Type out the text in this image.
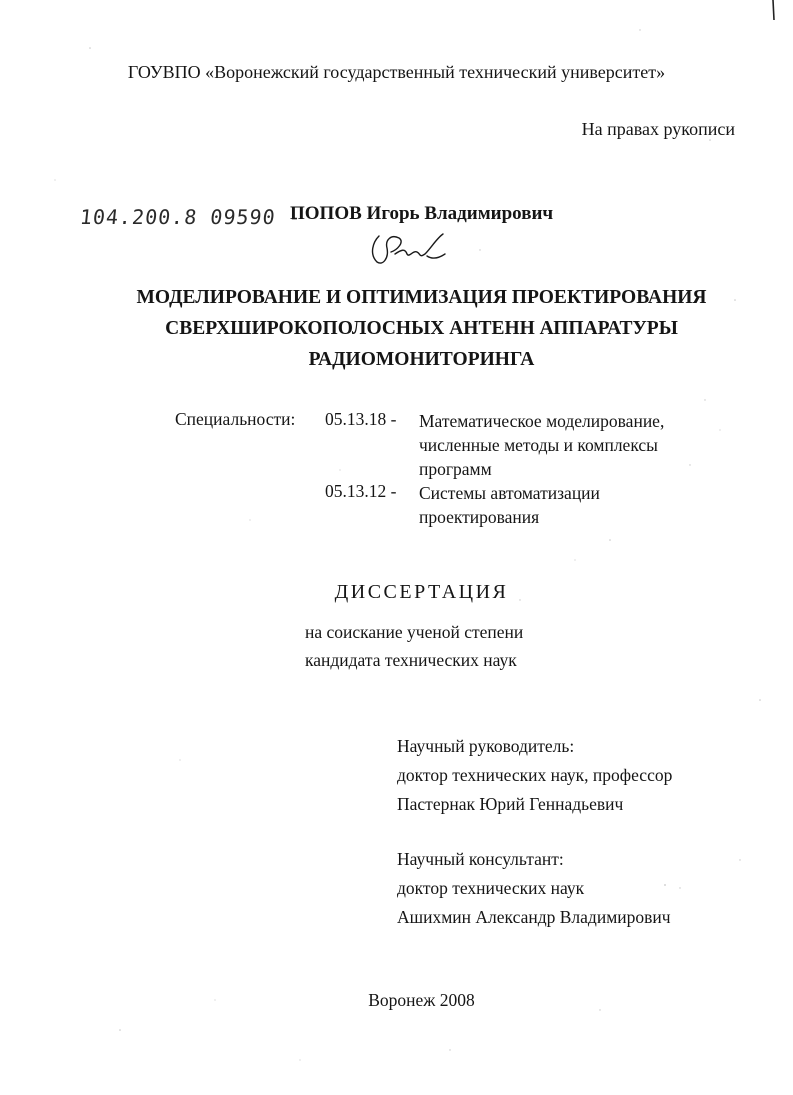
ГОУВПО «Воронежский государственный технический университет»
На правах рукописи
104.200.8 09590 -
ПОПОВ Игорь Владимирович
МОДЕЛИРОВАНИЕ И ОПТИМИЗАЦИЯ ПРОЕКТИРОВАНИЯ
СВЕРХШИРОКОПОЛОСНЫХ АНТЕНН АППАРАТУРЫ
РАДИОМОНИТОРИНГА
Специальности: 05.13.18 - Математическое моделирование, численные методы и комплексы программ
05.13.12 - Системы автоматизации проектирования
ДИССЕРТАЦИЯ
на соискание ученой степени
кандидата технических наук
Научный руководитель:
доктор технических наук, профессор
Пастернак Юрий Геннадьевич
Научный консультант:
доктор технических наук
Ашихмин Александр Владимирович
Воронеж 2008
